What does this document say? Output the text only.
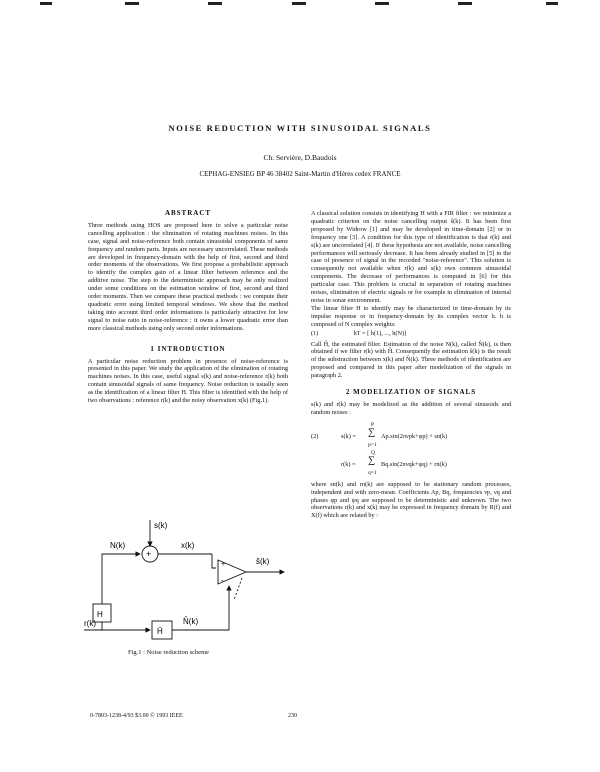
NOISE REDUCTION WITH SINUSOIDAL SIGNALS
Ch. Servière, D.Baudois
CEPHAG-ENSIEG BP 46 38402 Saint-Martin d'Hères cedex FRANCE
ABSTRACT

Three methods using HOS are proposed here to solve a particular noise cancelling application : the elimination of rotating machines noises. In this case, signal and noise-reference both contain sinusoidal components of same frequency and random parts. Inputs are necessary uncorrelated. These methods are developed in frequency-domain with the help of first, second and third order moments of the observations. We first propose a probabilistic approach to identify the complex gain of a linear filter between reference and the additive noise. The step to the deterministic approach may be only realized under some conditions on the estimation window of first, second and third order moments. Then we compare these practical methods : we compute their quadratic error using limited temporal windows. We show that the method taking into account third order informations is particularly attractive for low signal to noise ratio in noise-reference : it owns a lower quadratic error than more classical methods using only second order informations.

1 INTRODUCTION

A particular noise reduction problem in presence of noise-reference is presented in this paper. We study the application of the elimination of rotating machines noises. In this case, useful signal s(k) and noise-reference r(k) both contain sinusoidal signals of same frequency. Noise reduction is usually seen as the identification of a linear filter H. This filter is identified with the help of two observations : reference r(k) and the noisy observation x(k) (Fig.1).

s(k)
N(k)
+
x(k)
+
-
ŝ(k)
H
Ĥ
N̂(k)
r(k)
Fig.1 : Noise reduction scheme

A classical solution consists in identifying H with a FIR filter : we minimize a quadratic criterion on the noise cancelling output ŝ(k). It has been first proposed by Widrow [1] and may be developed in time-domain [2] or in frequency one [3]. A condition for this type of identification is that r(k) and s(k) are uncorrelated [4]. If these hypothesis are not available, noise cancelling performances will seriously decrease. It has been already studied in [5] in the case of presence of signal in the recorded "noise-reference". This solution is consequently not available when r(k) and s(k) own common sinusoidal components. The decrease of performances is computed in [6] for this particular case. This problem is crucial in separation of rotating machines noises, elimination of electric signals or for example in elimination of internal noise in sonar environment.

The linear filter H to identify may be characterized in time-domain by its impulse response or in frequency-domain by its complex vector h. h is composed of N complex weights:

(1)	hT = [ h(1), ..., h(N)]

Call Ĥ, the estimated filter. Estimation of the noise N(k), called N̂(k), is then obtained if we filter r(k) with Ĥ. Consequently the estimation ŝ(k) is the result of the substraction between x(k) and N̂(k). Three methods of identification are proposed and compared in this paper after modelization of the signals in paragraph 2.

2 MODELIZATION OF SIGNALS

s(k) and r(k) may be modelized as the addition of several sinusoids and random noises :

(2)	s(k) =
P
∑
p=1
Ap.sin(2πνpk+φp) + sn(k)
r(k) =
Q
∑
q=1
Bq.sin(2πνqk+ψq) + rn(k)

where sn(k) and rn(k) are supposed to be stationary random processes, independent and with zero-mean. Coefficients Ap, Bq, frequencies νp, νq and phases φp and ψq are supposed to be deterministic and unknown. The two observations r(k) and x(k) may be expressed in frequency domain by R(f) and X(f) which are related by :

0-7803-1238-4/93 $3.00 © 1993 IEEE	230
